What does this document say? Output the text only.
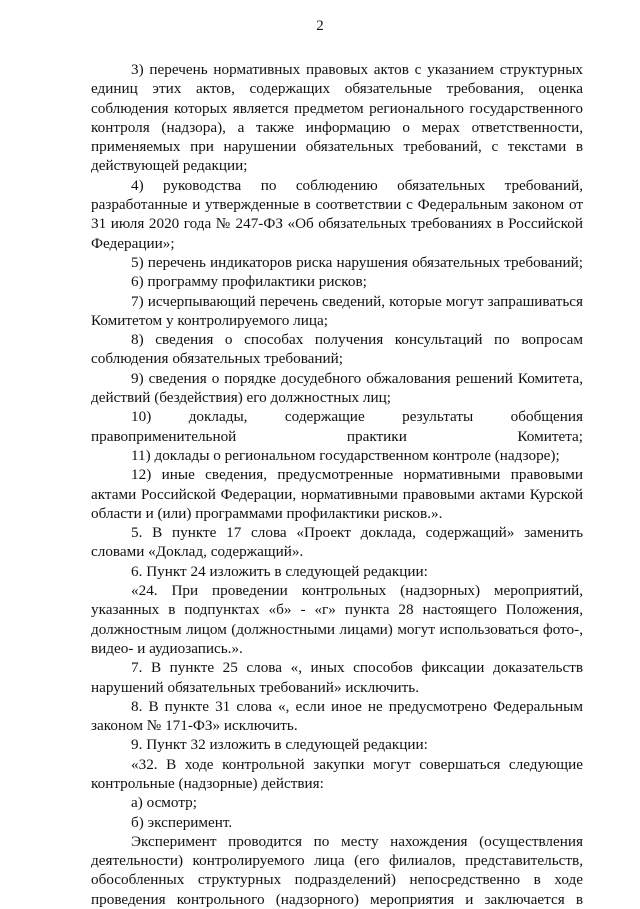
2

3) перечень нормативных правовых актов с указанием структурных единиц этих актов, содержащих обязательные требования, оценка соблюдения которых является предметом регионального государственного контроля (надзора), а также информацию о мерах ответственности, применяемых при нарушении обязательных требований, с текстами в действующей редакции;

4) руководства по соблюдению обязательных требований, разработанные и утвержденные в соответствии с Федеральным законом от 31 июля 2020 года № 247-ФЗ «Об обязательных требованиях в Российской Федерации»;

5) перечень индикаторов риска нарушения обязательных требований;

6) программу профилактики рисков;

7) исчерпывающий перечень сведений, которые могут запрашиваться Комитетом у контролируемого лица;

8) сведения о способах получения консультаций по вопросам соблюдения обязательных требований;

9) сведения о порядке досудебного обжалования решений Комитета, действий (бездействия) его должностных лиц;

10) доклады, содержащие результаты обобщения правоприменительной практики Комитета;

11) доклады о региональном государственном контроле (надзоре);

12) иные сведения, предусмотренные нормативными правовыми актами Российской Федерации, нормативными правовыми актами Курской области и (или) программами профилактики рисков.».

5. В пункте 17 слова «Проект доклада, содержащий» заменить словами «Доклад, содержащий».

6. Пункт 24 изложить в следующей редакции:

«24. При проведении контрольных (надзорных) мероприятий, указанных в подпунктах «б» - «г» пункта 28 настоящего Положения, должностным лицом (должностными лицами) могут использоваться фото-, видео- и аудиозапись.».

7. В пункте 25 слова «, иных способов фиксации доказательств нарушений обязательных требований» исключить.

8. В пункте 31 слова «, если иное не предусмотрено Федеральным законом № 171-ФЗ» исключить.

9. Пункт 32 изложить в следующей редакции:

«32. В ходе контрольной закупки могут совершаться следующие контрольные (надзорные) действия:

а) осмотр;

б) эксперимент.

Эксперимент проводится по месту нахождения (осуществления деятельности) контролируемого лица (его филиалов, представительств, обособленных структурных подразделений) непосредственно в ходе проведения контрольного (надзорного) мероприятия и заключается в
